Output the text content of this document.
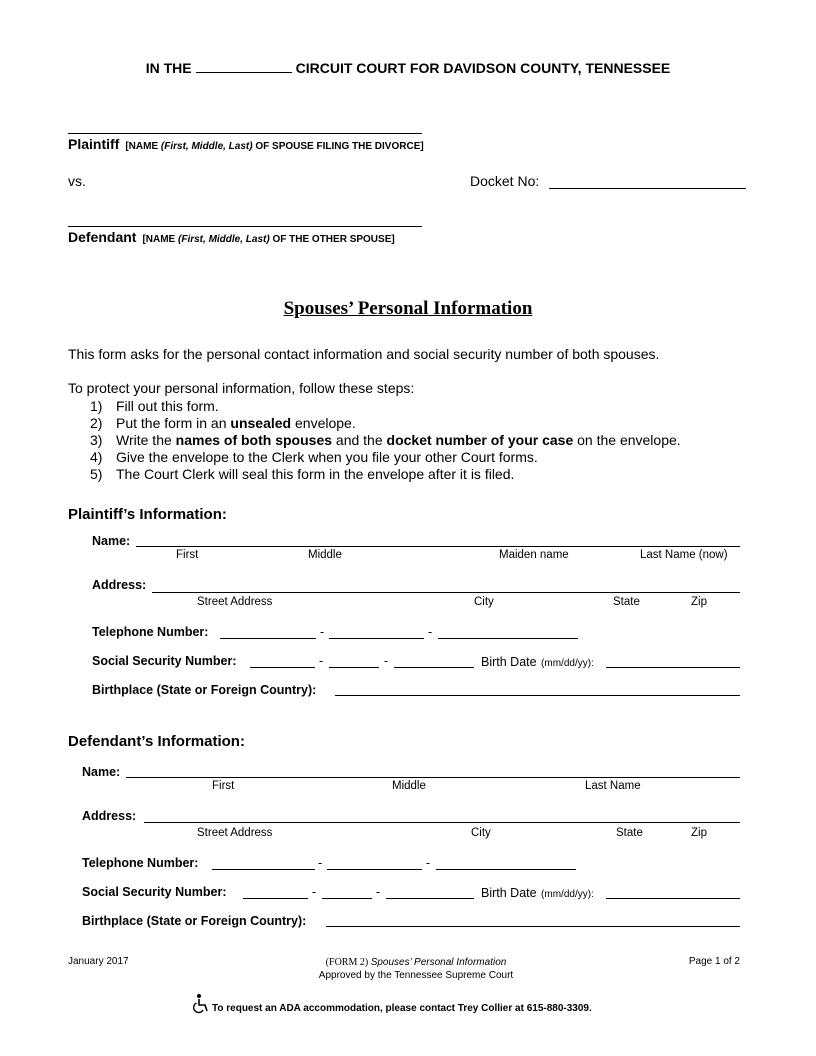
IN THE	CIRCUIT COURT FOR DAVIDSON COUNTY, TENNESSEE
Plaintiff [NAME (First, Middle, Last) OF SPOUSE FILING THE DIVORCE]
vs.	Docket No:
Defendant [NAME (First, Middle, Last) OF THE OTHER SPOUSE]
Spouses’ Personal Information
This form asks for the personal contact information and social security number of both spouses.
To protect your personal information, follow these steps:
1) Fill out this form.
2) Put the form in an unsealed envelope.
3) Write the names of both spouses and the docket number of your case on the envelope.
4) Give the envelope to the Clerk when you file your other Court forms.
5) The Court Clerk will seal this form in the envelope after it is filed.
Plaintiff’s Information:
Name:
First	Middle	Maiden name	Last Name (now)
Address:
Street Address	City	State	Zip
Telephone Number:	-	-
Social Security Number:	-	-	Birth Date (mm/dd/yy):
Birthplace (State or Foreign Country):
Defendant’s Information:
Name:
First	Middle	Last Name
Address:
Street Address	City	State	Zip
Telephone Number:	-	-
Social Security Number:	-	-	Birth Date (mm/dd/yy):
Birthplace (State or Foreign Country):
January 2017	(FORM 2) Spouses’ Personal Information
Approved by the Tennessee Supreme Court
Page 1 of 2
To request an ADA accommodation, please contact Trey Collier at 615-880-3309.
